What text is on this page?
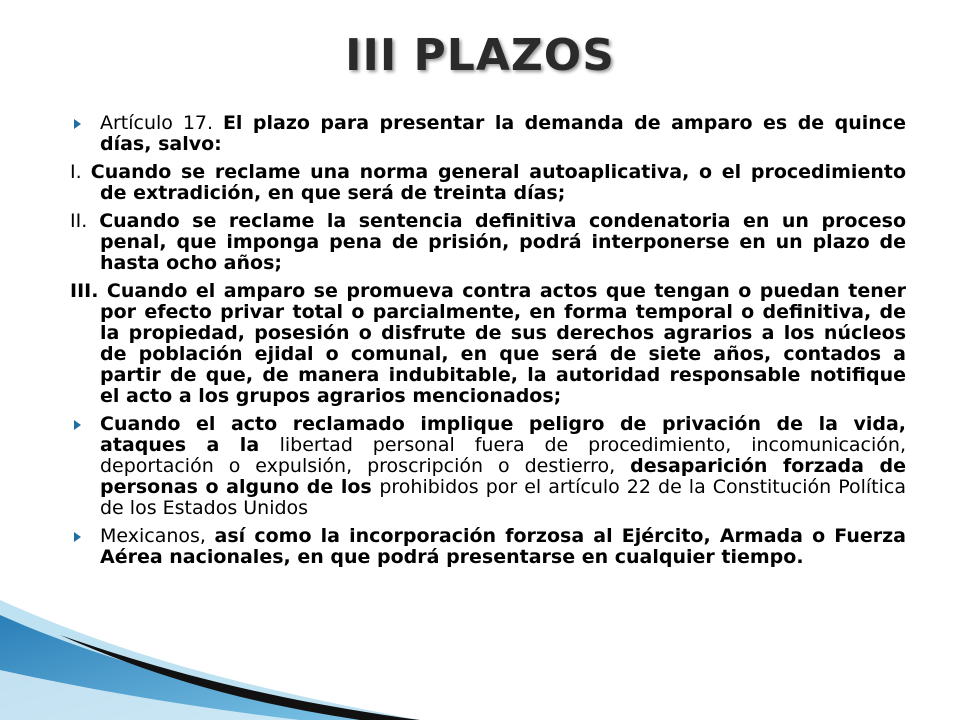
III PLAZOS

Artículo 17. El plazo para presentar la demanda de amparo es de quince días, salvo:

I. Cuando se reclame una norma general autoaplicativa, o el procedimiento de extradición, en que será de treinta días;

II. Cuando se reclame la sentencia definitiva condenatoria en un proceso penal, que imponga pena de prisión, podrá interponerse en un plazo de hasta ocho años;

III. Cuando el amparo se promueva contra actos que tengan o puedan tener por efecto privar total o parcialmente, en forma temporal o definitiva, de la propiedad, posesión o disfrute de sus derechos agrarios a los núcleos de población ejidal o comunal, en que será de siete años, contados a partir de que, de manera indubitable, la autoridad responsable notifique el acto a los grupos agrarios mencionados;

Cuando el acto reclamado implique peligro de privación de la vida, ataques a la libertad personal fuera de procedimiento, incomunicación, deportación o expulsión, proscripción o destierro, desaparición forzada de personas o alguno de los prohibidos por el artículo 22 de la Constitución Política de los Estados Unidos

Mexicanos, así como la incorporación forzosa al Ejército, Armada o Fuerza Aérea nacionales, en que podrá presentarse en cualquier tiempo.
